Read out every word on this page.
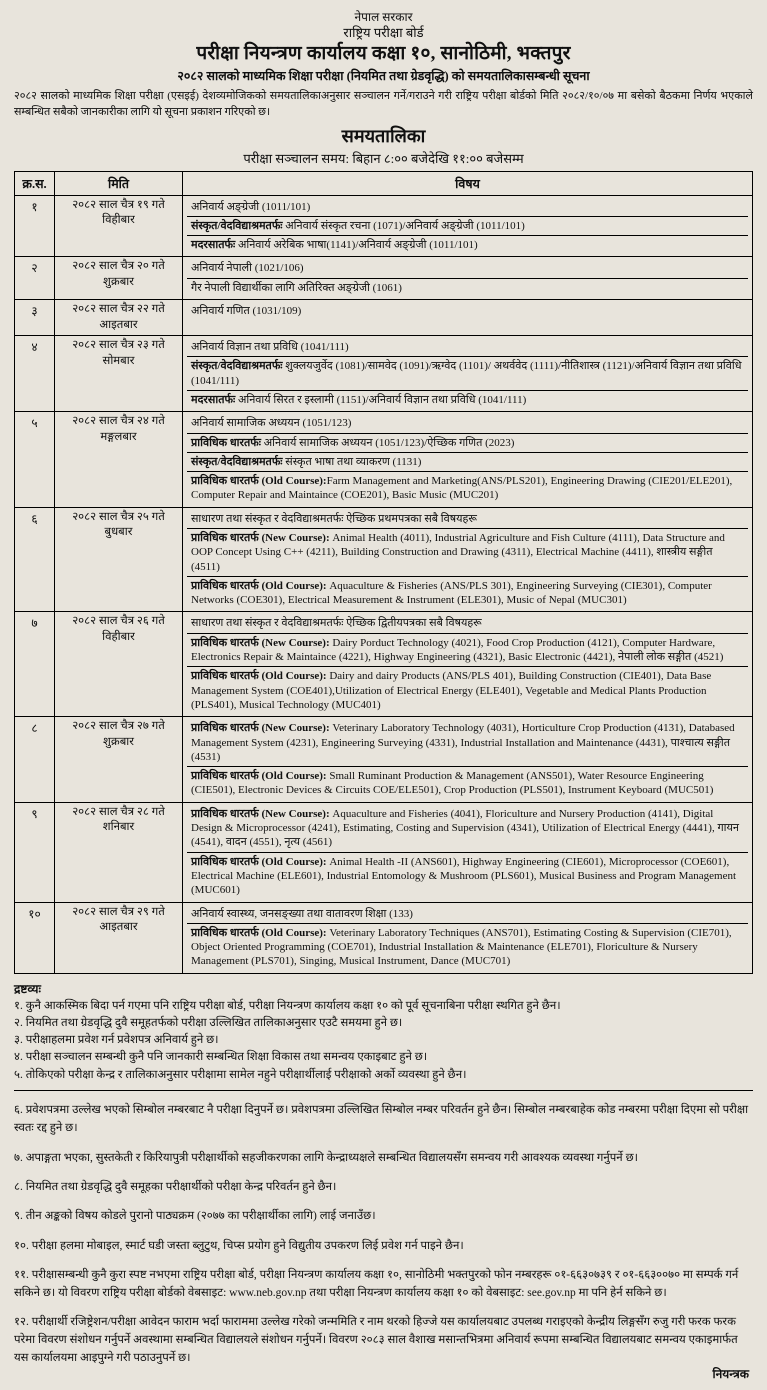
नेपाल सरकार
राष्ट्रिय परीक्षा बोर्ड
परीक्षा नियन्त्रण कार्यालय कक्षा १०, सानोठिमी, भक्तपुर
२०८२ सालको माध्यमिक शिक्षा परीक्षा (नियमित तथा ग्रेडवृद्धि) को समयतालिकासम्बन्धी सूचना
२०८२ सालको माध्यमिक शिक्षा परीक्षा (एसइई) देशव्यमोजिकको समयतालिकाअनुसार सञ्चालन गर्ने/गराउने गरी राष्ट्रिय परीक्षा बोर्डको मिति २०८२/१०/०७ मा बसेको बैठकमा निर्णय भएकाले सम्बन्धित सबैको जानकारीका लागि यो सूचना प्रकाशन गरिएको छ।
समयतालिका
परीक्षा सञ्चालन समय: बिहान ८:०० बजेदेखि ११:०० बजेसम्म
क्र.स.	मिति	विषय
१	२०८२ साल चैत्र १९ गते
विहीबार	
अनिवार्य अङ्ग्रेजी (1011/101)
संस्कृत/वेदविद्याश्रमतर्फः अनिवार्य संस्कृत रचना (1071)/अनिवार्य अङ्ग्रेजी (1011/101)
मदरसातर्फः अनिवार्य अरेबिक भाषा(1141)/अनिवार्य अङ्ग्रेजी (1011/101)

२	२०८२ साल चैत्र २० गते
शुक्रबार	
अनिवार्य नेपाली (1021/106)
गैर नेपाली विद्यार्थीका लागि अतिरिक्त अङ्ग्रेजी (1061)

३	२०८२ साल चैत्र २२ गते
आइतबार	अनिवार्य गणित (1031/109)

४	२०८२ साल चैत्र २३ गते
सोमबार	
अनिवार्य विज्ञान तथा प्रविधि (1041/111)
संस्कृत/वेदविद्याश्रमतर्फः शुक्लयजुर्वेद (1081)/सामवेद (1091)/ऋग्वेद (1101)/ अथर्ववेद (1111)/नीतिशास्त्र (1121)/अनिवार्य विज्ञान तथा प्रविधि (1041/111)
मदरसातर्फः अनिवार्य सिरत र इस्लामी (1151)/अनिवार्य विज्ञान तथा प्रविधि (1041/111)

५	२०८२ साल चैत्र २४ गते
मङ्गलबार	
अनिवार्य सामाजिक अध्ययन (1051/123)
प्राविधिक धारतर्फः अनिवार्य सामाजिक अध्ययन (1051/123)/ऐच्छिक गणित (2023)
संस्कृत/वेदविद्याश्रमतर्फः संस्कृत भाषा तथा व्याकरण (1131)
प्राविधिक धारतर्फ (Old Course):Farm Management and Marketing(ANS/PLS201), Engineering Drawing (CIE201/ELE201), Computer Repair and Maintaince (COE201), Basic Music (MUC201)

६	२०८२ साल चैत्र २५ गते
बुधबार	
साधारण तथा संस्कृत र वेदविद्याश्रमतर्फः ऐच्छिक प्रथमपत्रका सबै विषयहरू
प्राविधिक धारतर्फ (New Course): Animal Health (4011), Industrial Agriculture and Fish Culture (4111), Data Structure and OOP Concept Using C++ (4211), Building Construction and Drawing (4311), Electrical Machine (4411), शास्त्रीय सङ्गीत (4511)
प्राविधिक धारतर्फ (Old Course): Aquaculture & Fisheries (ANS/PLS 301), Engineering Surveying (CIE301), Computer Networks (COE301), Electrical Measurement & Instrument (ELE301), Music of Nepal (MUC301)

७	२०८२ साल चैत्र २६ गते
विहीबार	
साधारण तथा संस्कृत र वेदविद्याश्रमतर्फः ऐच्छिक द्वितीयपत्रका सबै विषयहरू
प्राविधिक धारतर्फ (New Course): Dairy Porduct Technology (4021), Food Crop Production (4121), Computer Hardware, Electronics Repair & Maintaince (4221), Highway Engineering (4321), Basic Electronic (4421), नेपाली लोक सङ्गीत (4521)
प्राविधिक धारतर्फ (Old Course): Dairy and dairy Products (ANS/PLS 401), Building Construction (CIE401), Data Base Management System (COE401),Utilization of Electrical Energy (ELE401), Vegetable and Medical Plants Production (PLS401), Musical Technology (MUC401)

८	२०८२ साल चैत्र २७ गते
शुक्रबार	
प्राविधिक धारतर्फ (New Course): Veterinary Laboratory Technology (4031), Horticulture Crop Production (4131), Databased Management System (4231), Engineering Surveying (4331), Industrial Installation and Maintenance (4431), पाश्चात्य सङ्गीत (4531)
प्राविधिक धारतर्फ (Old Course): Small Ruminant Production & Management (ANS501), Water Resource Engineering (CIE501), Electronic Devices & Circuits COE/ELE501), Crop Production (PLS501), Instrument Keyboard (MUC501)

९	२०८२ साल चैत्र २८ गते
शनिबार	
प्राविधिक धारतर्फ (New Course): Aquaculture and Fisheries (4041), Floriculture and Nursery Production (4141), Digital Design & Microprocessor (4241), Estimating, Costing and Supervision (4341), Utilization of Electrical Energy (4441), गायन (4541), वादन (4551), नृत्य (4561)
प्राविधिक धारतर्फ (Old Course): Animal Health -II (ANS601), Highway Engineering (CIE601), Microprocessor (COE601), Electrical Machine (ELE601), Industrial Entomology & Mushroom (PLS601), Musical Business and Program Management (MUC601)

१०	२०८२ साल चैत्र २९ गते
आइतबार	
अनिवार्य स्वास्थ्य, जनसङ्ख्या तथा वातावरण शिक्षा (133)
प्राविधिक धारतर्फ (Old Course): Veterinary Laboratory Techniques (ANS701), Estimating Costing & Supervision (CIE701), Object Oriented Programming (COE701), Industrial Installation & Maintenance (ELE701), Floriculture & Nursery Management (PLS701), Singing, Musical Instrument, Dance (MUC701)
द्रष्टव्यः

१. कुनै आकस्मिक बिदा पर्न गएमा पनि राष्ट्रिय परीक्षा बोर्ड, परीक्षा नियन्त्रण कार्यालय कक्षा १० को पूर्व सूचनाबिना परीक्षा स्थगित हुने छैन।

२. नियमित तथा ग्रेडवृद्धि दुवै समूहतर्फको परीक्षा उल्लिखित तालिकाअनुसार एउटै समयमा हुने छ।

३. परीक्षाहलमा प्रवेश गर्न प्रवेशपत्र अनिवार्य हुने छ।

४. परीक्षा सञ्चालन सम्बन्धी कुनै पनि जानकारी सम्बन्धित शिक्षा विकास तथा समन्वय एकाइबाट हुने छ।

५. तोकिएको परीक्षा केन्द्र र तालिकाअनुसार परीक्षामा सामेल नहुने परीक्षार्थीलाई परीक्षाको अर्को व्यवस्था हुने छैन।

६. प्रवेशपत्रमा उल्लेख भएको सिम्बोल नम्बरबाट नै परीक्षा दिनुपर्ने छ। प्रवेशपत्रमा उल्लिखित सिम्बोल नम्बर परिवर्तन हुने छैन। सिम्बोल नम्बरबाहेक कोड नम्बरमा परीक्षा दिएमा सो परीक्षा स्वतः रद्द हुने छ।

७. अपाङ्गता भएका, सुस्तकेती र किरियापुत्री परीक्षार्थीको सहजीकरणका लागि केन्द्राध्यक्षले सम्बन्धित विद्यालयसँग समन्वय गरी आवश्यक व्यवस्था गर्नुपर्ने छ।

८. नियमित तथा ग्रेडवृद्धि दुवै समूहका परीक्षार्थीको परीक्षा केन्द्र परिवर्तन हुने छैन।

९. तीन अङ्कको विषय कोडले पुरानो पाठ्यक्रम (२०७७ का परीक्षार्थीका लागि) लाई जनाउँछ।

१०. परीक्षा हलमा मोबाइल, स्मार्ट घडी जस्ता ब्लुटुथ, चिप्स प्रयोग हुने विद्युतीय उपकरण लिई प्रवेश गर्न पाइने छैन।

११. परीक्षासम्बन्धी कुनै कुरा स्पष्ट नभएमा राष्ट्रिय परीक्षा बोर्ड, परीक्षा नियन्त्रण कार्यालय कक्षा १०, सानोठिमी भक्तपुरको फोन नम्बरहरू ०१-६६३०७३९ र ०१-६६३००७० मा सम्पर्क गर्न सकिने छ। यो विवरण राष्ट्रिय परीक्षा बोर्डको वेबसाइट: www.neb.gov.np तथा परीक्षा नियन्त्रण कार्यालय कक्षा १० को वेबसाइट: see.gov.np मा पनि हेर्न सकिने छ।

१२. परीक्षार्थी रजिष्ट्रेशन/परीक्षा आवेदन फाराम भर्दा फाराममा उल्लेख गरेको जन्ममिति र नाम थरको हिज्जे यस कार्यालयबाट उपलब्ध गराइएको केन्द्रीय लिङ्गसँग रुजु गरी फरक फरक परेमा विवरण संशोधन गर्नुपर्ने अवस्थामा सम्बन्धित विद्यालयले संशोधन गर्नुपर्ने। विवरण २०८३ साल वैशाख मसान्तभित्रमा अनिवार्य रूपमा सम्बन्धित विद्यालयबाट समन्वय एकाइमार्फत यस कार्यालयमा आइपुग्ने गरी पठाउनुपर्ने छ।

नियन्त्रक
